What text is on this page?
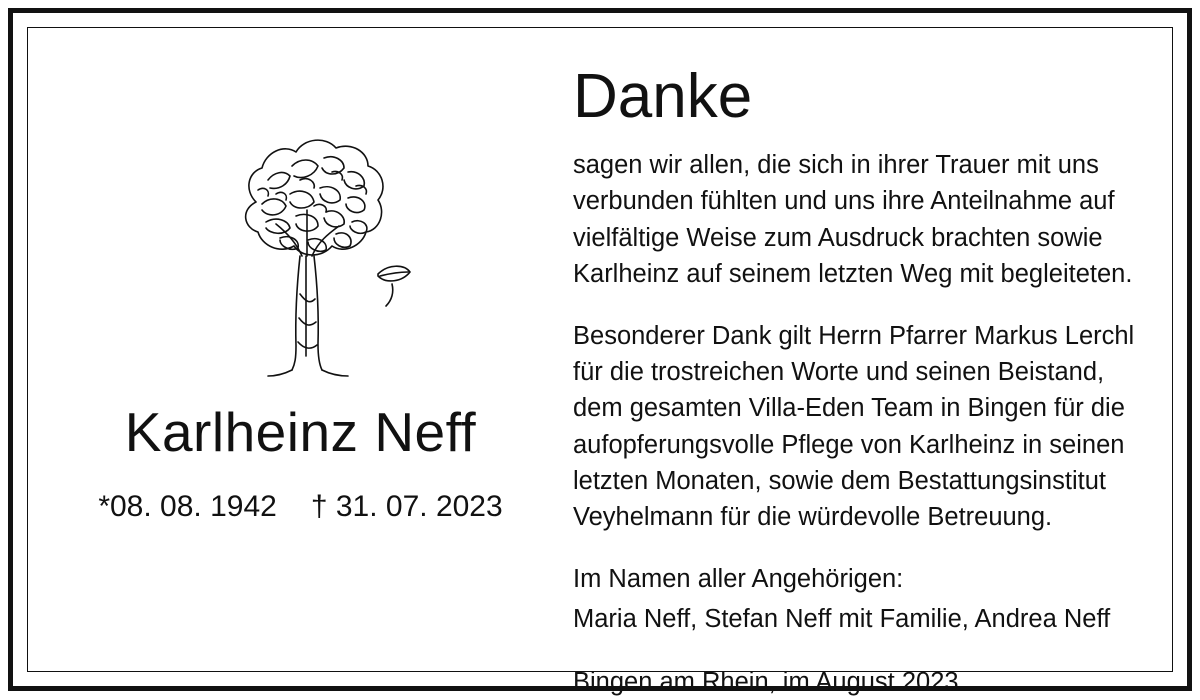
Karlheinz Neff
*08. 08. 1942 † 31. 07. 2023
Danke

sagen wir allen, die sich in ihrer Trauer mit uns verbunden fühlten und uns ihre Anteilnahme auf vielfältige Weise zum Ausdruck brachten sowie Karlheinz auf seinem letzten Weg mit begleiteten.

Besonderer Dank gilt Herrn Pfarrer Markus Lerchl für die trostreichen Worte und seinen Beistand, dem gesamten Villa-Eden Team in Bingen für die aufopferungsvolle Pflege von Karlheinz in seinen letzten Monaten, sowie dem Bestattungsinstitut Veyhelmann für die würdevolle Betreuung.

Im Namen aller Angehörigen:

Maria Neff, Stefan Neff mit Familie, Andrea Neff

Bingen am Rhein, im August 2023
